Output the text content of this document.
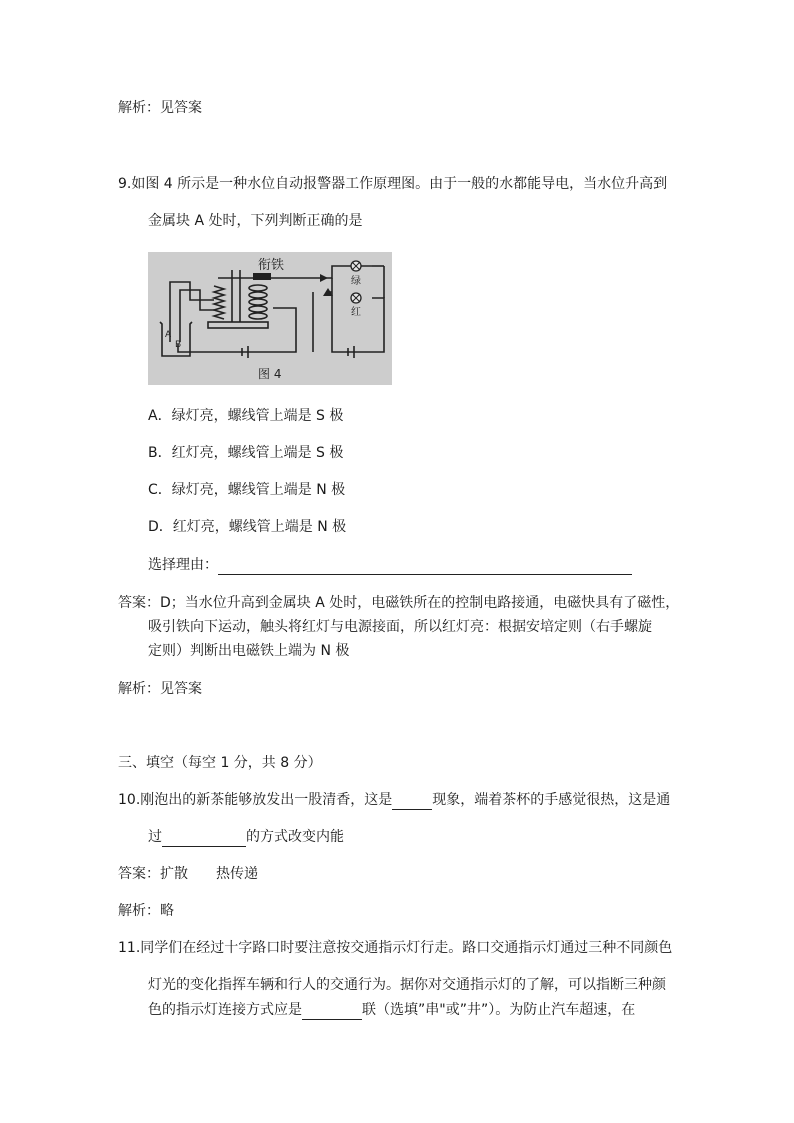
解析：见答案
9.如图 4 所示是一种水位自动报警器工作原理图。由于一般的水都能导电，当水位升高到
金属块 A 处时，下列判断正确的是
衔铁
绿
红
A
B
图 4
A．绿灯亮，螺线管上端是 S 极
B．红灯亮，螺线管上端是 S 极
C．绿灯亮，螺线管上端是 N 极
D．红灯亮，螺线管上端是 N 极
选择理由：
答案：D；当水位升高到金属块 A 处时，电磁铁所在的控制电路接通，电磁快具有了磁性，
吸引铁向下运动，触头将红灯与电源接面，所以红灯亮：根据安培定则（右手螺旋
定则）判断出电磁铁上端为 N 极
解析：见答案
三、填空（每空 1 分，共 8 分）
10.刚泡出的新茶能够放发出一股清香，这是	现象，端着茶杯的手感觉很热，这是通
过	的方式改变内能
答案：扩散 热传递
解析：略
11.同学们在经过十字路口时要注意按交通指示灯行走。路口交通指示灯通过三种不同颜色
灯光的变化指挥车辆和行人的交通行为。据你对交通指示灯的了解，可以指断三种颜
色的指示灯连接方式应是	联（选填”串"或”井”）。为防止汽车超速，在
